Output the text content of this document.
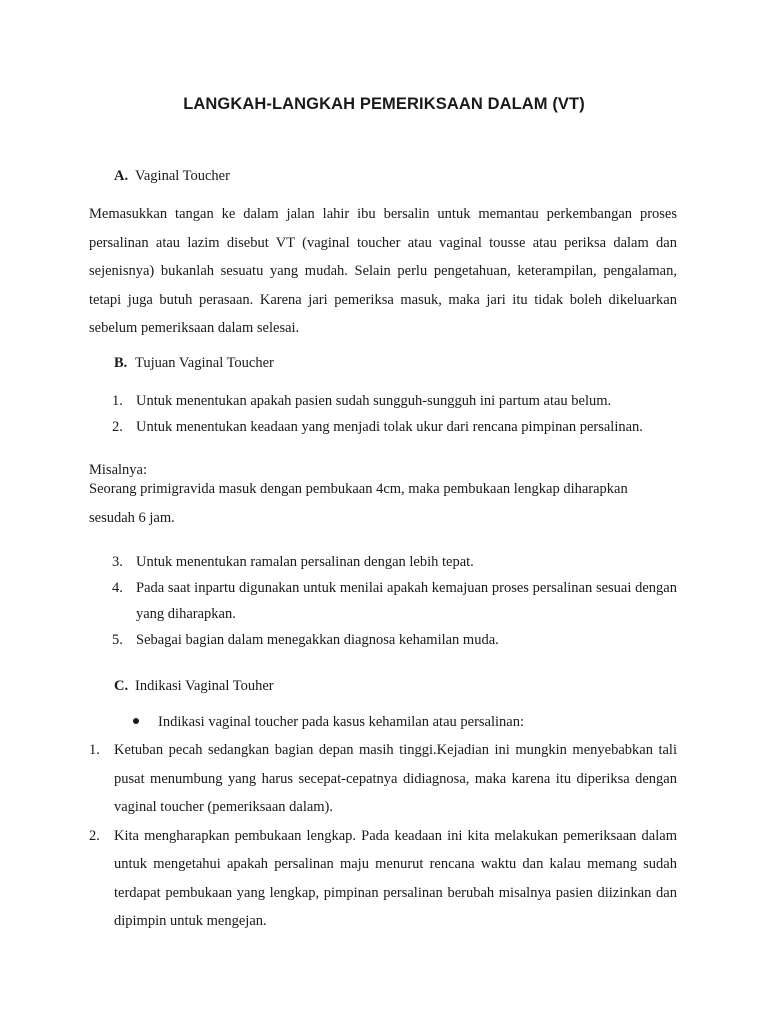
LANGKAH-LANGKAH PEMERIKSAAN DALAM (VT)

A. Vaginal Toucher

Memasukkan tangan ke dalam jalan lahir ibu bersalin untuk memantau perkembangan proses persalinan atau lazim disebut VT (vaginal toucher atau vaginal tousse atau periksa dalam dan sejenisnya) bukanlah sesuatu yang mudah. Selain perlu pengetahuan, keterampilan, pengalaman, tetapi juga butuh perasaan. Karena jari pemeriksa masuk, maka jari itu tidak boleh dikeluarkan sebelum pemeriksaan dalam selesai.

B. Tujuan Vaginal Toucher

1. Untuk menentukan apakah pasien sudah sungguh-sungguh ini partum atau belum.
2. Untuk menentukan keadaan yang menjadi tolak ukur dari rencana pimpinan persalinan.

Misalnya:

Seorang primigravida masuk dengan pembukaan 4cm, maka pembukaan lengkap diharapkan sesudah 6 jam.

3. Untuk menentukan ramalan persalinan dengan lebih tepat.
4. Pada saat inpartu digunakan untuk menilai apakah kemajuan proses persalinan sesuai dengan yang diharapkan.
5. Sebagai bagian dalam menegakkan diagnosa kehamilan muda.

C. Indikasi Vaginal Touher

Indikasi vaginal toucher pada kasus kehamilan atau persalinan:

1. Ketuban pecah sedangkan bagian depan masih tinggi.Kejadian ini mungkin menyebabkan tali pusat menumbung yang harus secepat-cepatnya didiagnosa, maka karena itu diperiksa dengan vaginal toucher (pemeriksaan dalam).
2. Kita mengharapkan pembukaan lengkap. Pada keadaan ini kita melakukan pemeriksaan dalam untuk mengetahui apakah persalinan maju menurut rencana waktu dan kalau memang sudah terdapat pembukaan yang lengkap, pimpinan persalinan berubah misalnya pasien diizinkan dan dipimpin untuk mengejan.
